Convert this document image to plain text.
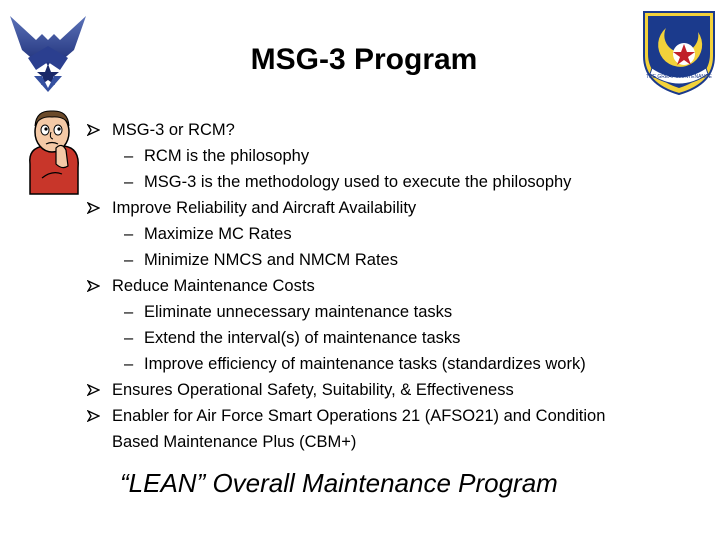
THE GREAT MAINTENANCE
MSG-3 Program
MSG-3 or RCM?
– RCM is the philosophy
– MSG-3 is the methodology used to execute the philosophy
Improve Reliability and Aircraft Availability
– Maximize MC Rates
– Minimize NMCS and NMCM Rates
Reduce Maintenance Costs
– Eliminate unnecessary maintenance tasks
– Extend the interval(s) of maintenance tasks
– Improve efficiency of maintenance tasks (standardizes work)
Ensures Operational Safety, Suitability, & Effectiveness
Enabler for Air Force Smart Operations 21 (AFSO21) and Condition
Based Maintenance Plus (CBM+)
“LEAN” Overall Maintenance Program
